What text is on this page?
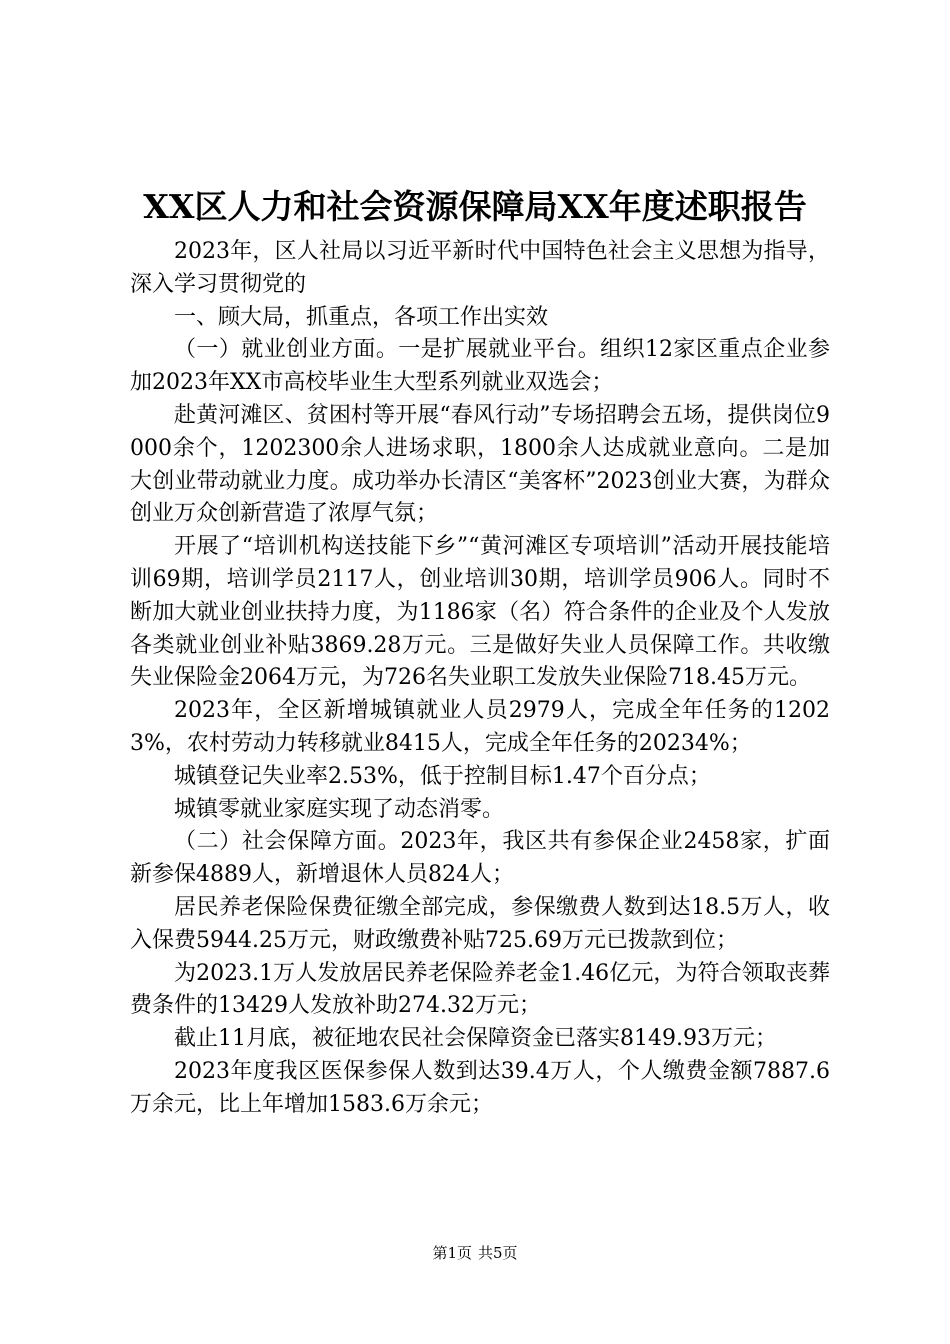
XX区人力和社会资源保障局XX年度述职报告

2023年，区人社局以习近平新时代中国特色社会主义思想为指导，深入学习贯彻党的

一、顾大局，抓重点，各项工作出实效

（一）就业创业方面。一是扩展就业平台。组织12家区重点企业参加2023年XX市高校毕业生大型系列就业双选会；

赴黄河滩区、贫困村等开展“春风行动”专场招聘会五场，提供岗位9000余个，1202300余人进场求职，1800余人达成就业意向。二是加大创业带动就业力度。成功举办长清区“美客杯”2023创业大赛，为群众创业万众创新营造了浓厚气氛；

开展了“培训机构送技能下乡”“黄河滩区专项培训”活动开展技能培训69期，培训学员2117人，创业培训30期，培训学员906人。同时不断加大就业创业扶持力度，为1186家（名）符合条件的企业及个人发放各类就业创业补贴3869.28万元。三是做好失业人员保障工作。共收缴失业保险金2064万元，为726名失业职工发放失业保险718.45万元。

2023年，全区新增城镇就业人员2979人，完成全年任务的12023%，农村劳动力转移就业8415人，完成全年任务的20234%；

城镇登记失业率2.53%，低于控制目标1.47个百分点；

城镇零就业家庭实现了动态消零。

（二）社会保障方面。2023年，我区共有参保企业2458家，扩面新参保4889人，新增退休人员824人；

居民养老保险保费征缴全部完成，参保缴费人数到达18.5万人，收入保费5944.25万元，财政缴费补贴725.69万元已拨款到位；

为2023.1万人发放居民养老保险养老金1.46亿元，为符合领取丧葬费条件的13429人发放补助274.32万元；

截止11月底，被征地农民社会保障资金已落实8149.93万元；

2023年度我区医保参保人数到达39.4万人，个人缴费金额7887.6万余元，比上年增加1583.6万余元；

第1页 共5页
